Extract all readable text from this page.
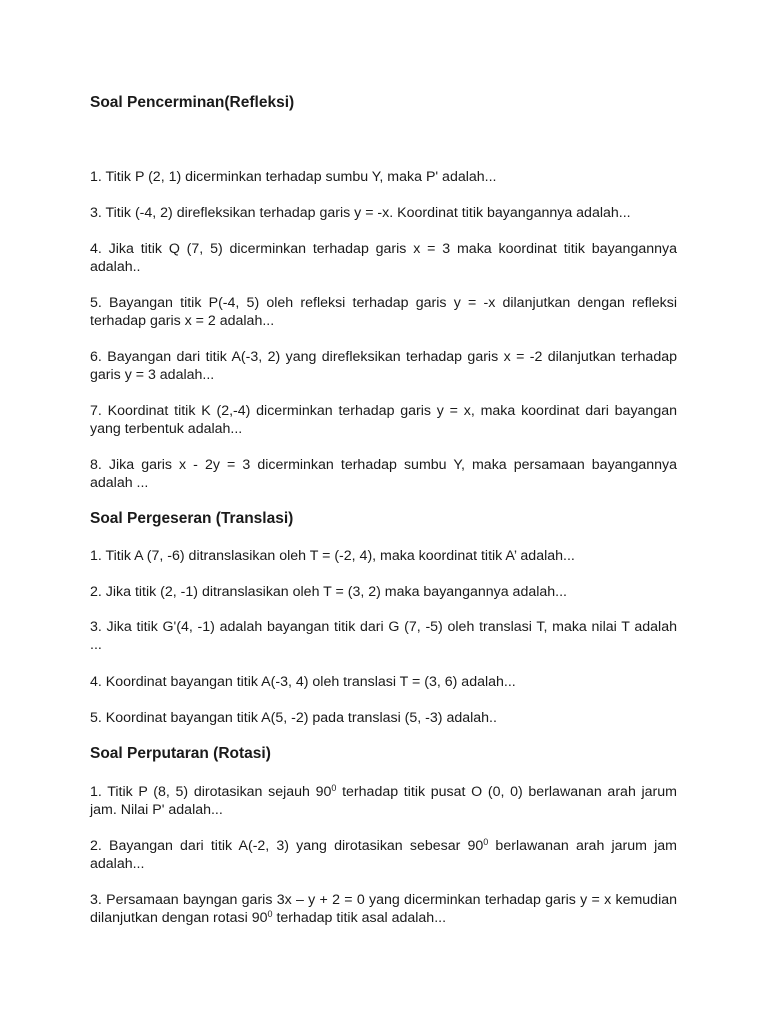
Soal Pencerminan(Refleksi)

1. Titik P (2, 1) dicerminkan terhadap sumbu Y, maka P' adalah...

3. Titik (-4, 2) direfleksikan terhadap garis y = -x. Koordinat titik bayangannya adalah...

4. Jika titik Q (7, 5) dicerminkan terhadap garis x = 3 maka koordinat titik bayangannya adalah..

5. Bayangan titik P(-4, 5) oleh refleksi terhadap garis y = -x dilanjutkan dengan refleksi terhadap garis x = 2 adalah...

6. Bayangan dari titik A(-3, 2) yang direfleksikan terhadap garis x = -2 dilanjutkan terhadap garis y = 3 adalah...

7. Koordinat titik K (2,-4) dicerminkan terhadap garis y = x, maka koordinat dari bayangan yang terbentuk adalah...

8. Jika garis x - 2y = 3 dicerminkan terhadap sumbu Y, maka persamaan bayangannya adalah ...

Soal Pergeseran (Translasi)

1. Titik A (7, -6) ditranslasikan oleh T = (-2, 4), maka koordinat titik A’ adalah...

2. Jika titik (2, -1) ditranslasikan oleh T = (3, 2) maka bayangannya adalah...

3. Jika titik G'(4, -1) adalah bayangan titik dari G (7, -5) oleh translasi T, maka nilai T adalah ...

4. Koordinat bayangan titik A(-3, 4) oleh translasi T = (3, 6) adalah...

5. Koordinat bayangan titik A(5, -2) pada translasi (5, -3) adalah..

Soal Perputaran (Rotasi)

1. Titik P (8, 5) dirotasikan sejauh $90^0$ terhadap titik pusat O (0, 0) berlawanan arah jarum jam. Nilai P' adalah...

2. Bayangan dari titik A(-2, 3) yang dirotasikan sebesar $90^0$ berlawanan arah jarum jam adalah...

3. Persamaan bayngan garis 3x – y + 2 = 0 yang dicerminkan terhadap garis y = x kemudian dilanjutkan dengan rotasi $90^0$ terhadap titik asal adalah...
